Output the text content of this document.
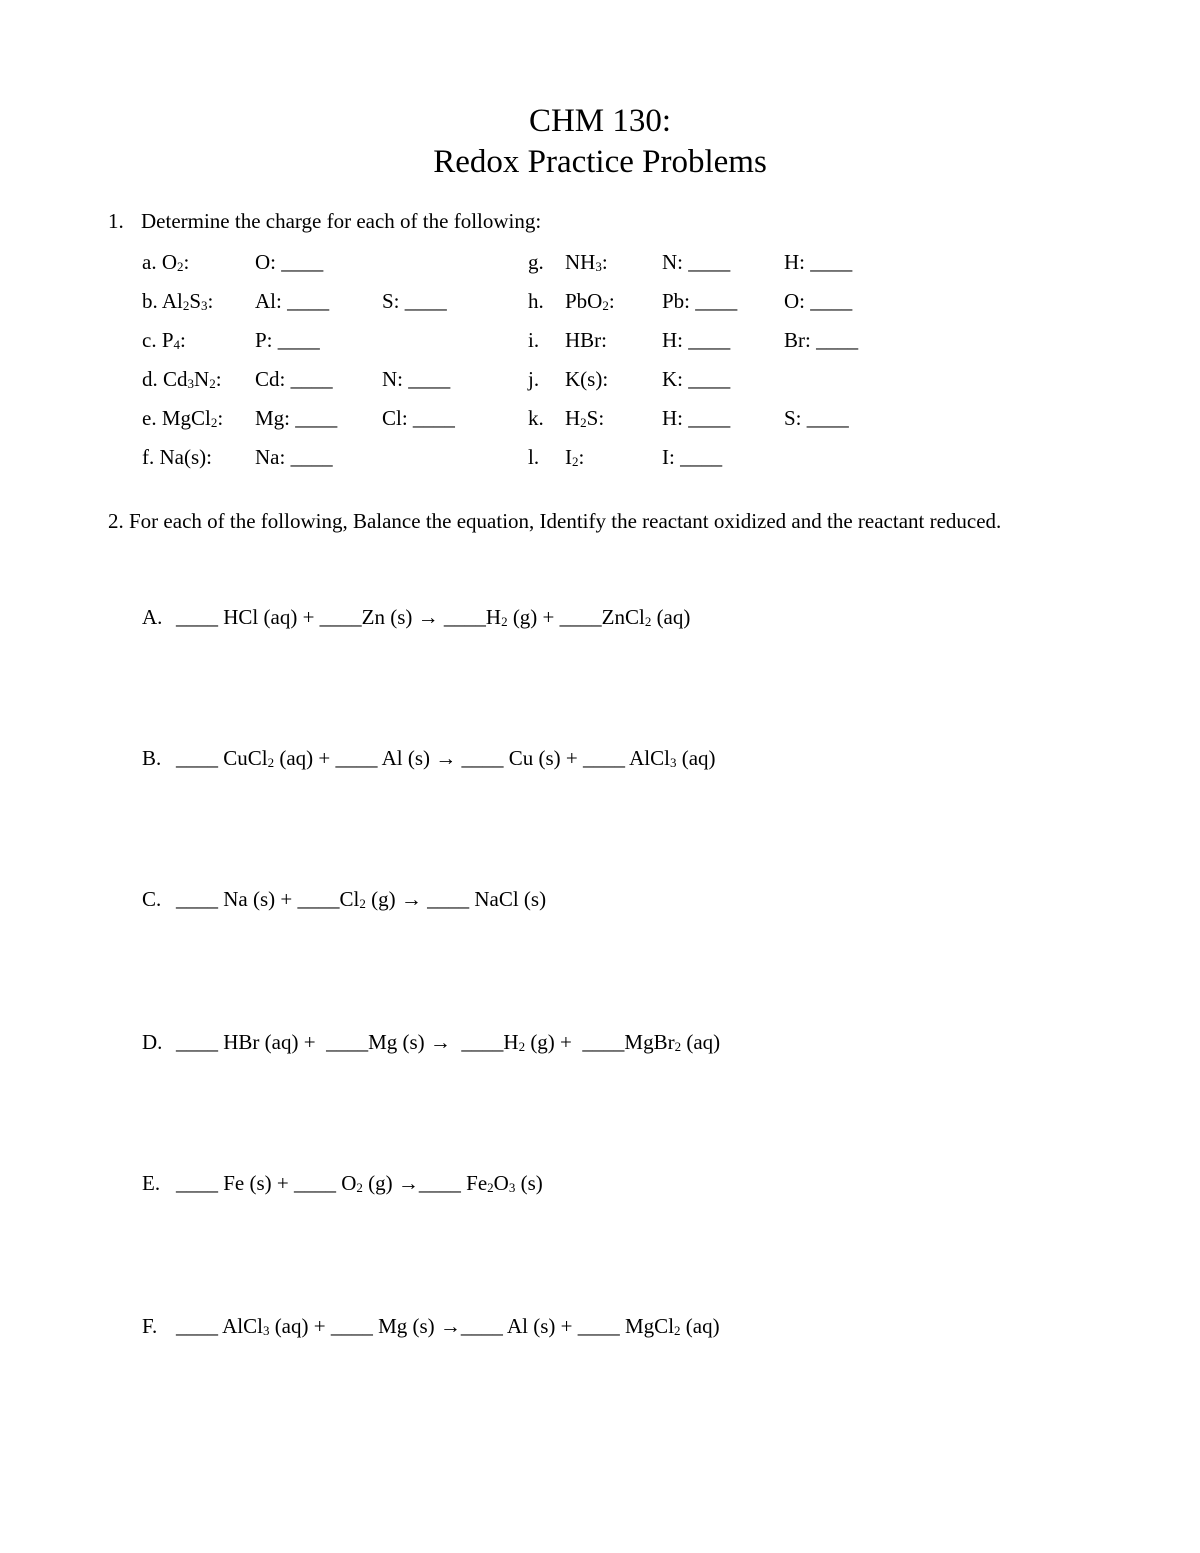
CHM 130:
Redox Practice Problems
1. Determine the charge for each of the following:
a. $O_2$:	O: ____	g. $NH_3$:	N: ____	H: ____
b. $Al_2S_3$: Al: ____	S: ____	h. PbO$_2$: Pb: ____ O: ____
c. $P_4$:	P: ____	i. HBr:	H: ____	Br: ____
d. $Cd_3N_2$: Cd: ____ N: ____	j. K(s):	K: ____
e. MgCl$_2$: Mg: ____ Cl: ____	k. $H_2S$:	H: ____	S: ____
f. Na(s): Na: ____	l. $I_2$:	I: ____
2. For each of the following, Balance the equation, Identify the reactant oxidized and the reactant reduced.
A. ____ HCl (aq) + ____Zn $(s) \to \_\_\_\_H_2$ (g) + ____ZnCl$_2$ (aq)
B. ____ CuCl$_2$ (aq) + ____ Al (s) → ____ Cu (s) + ____ AlCl$_3$ (aq)
C. ____ Na $(s) + \_\_\_\_Cl_2$ (g) → ____ NaCl (s)
D. ____ HBr (aq) +  ____Mg $(s) \to \_\_\_\_H_2$ (g) +  ____MgBr$_2$ (aq)
E. ____ Fe (s) + ____ $O_2$ (g) →____ $Fe_2O_3$ (s)
F. ____ AlCl$_3$ (aq) + ____ Mg (s) →____ Al (s) + ____ MgCl$_2$ (aq)
